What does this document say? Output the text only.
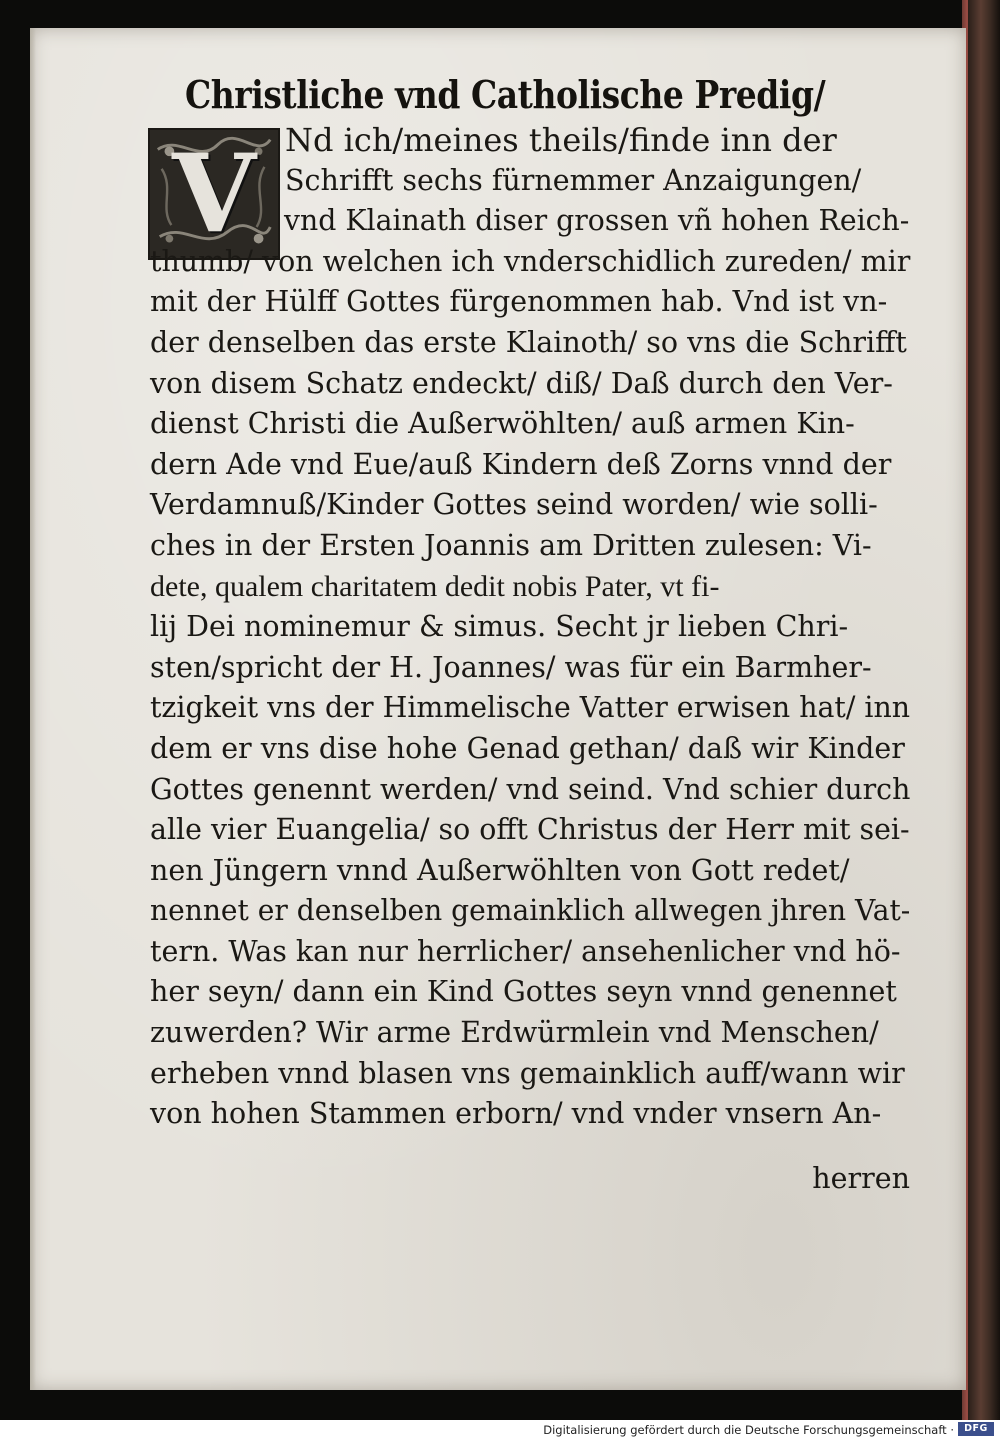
Christliche vnd Catholische Predig/
V Nd ich/meines theils/finde inn der
Schrifft sechs fürnemmer Anzaigungen/
vnd Klainath diser grossen vñ hohen Reich-
thumb/ von welchen ich vnderschidlich zureden/ mir
mit der Hülff Gottes fürgenommen hab. Vnd ist vn-
der denselben das erste Klainoth/ so vns die Schrifft
von disem Schatz endeckt/ diß/ Daß durch den Ver-
dienst Christi die Außerwöhlten/ auß armen Kin-
dern Ade vnd Eue/auß Kindern deß Zorns vnnd der
Verdamnuß/Kinder Gottes seind worden/ wie solli-
ches in der Ersten Joannis am Dritten zulesen: Vi-
dete, qualem charitatem dedit nobis Pater, vt fi-
lij Dei nominemur & simus. Secht jr lieben Chri-
sten/spricht der H. Joannes/ was für ein Barmher-
tzigkeit vns der Himmelische Vatter erwisen hat/ inn
dem er vns dise hohe Genad gethan/ daß wir Kinder
Gottes genennt werden/ vnd seind. Vnd schier durch
alle vier Euangelia/ so offt Christus der Herr mit sei-
nen Jüngern vnnd Außerwöhlten von Gott redet/
nennet er denselben gemainklich allwegen jhren Vat-
tern. Was kan nur herrlicher/ ansehenlicher vnd hö-
her seyn/ dann ein Kind Gottes seyn vnnd genennet
zuwerden? Wir arme Erdwürmlein vnd Menschen/
erheben vnnd blasen vns gemainklich auff/wann wir
von hohen Stammen erborn/ vnd vnder vnsern An-
herren
Digitalisierung gefördert durch die Deutsche Forschungsgemeinschaft ·	DFG
